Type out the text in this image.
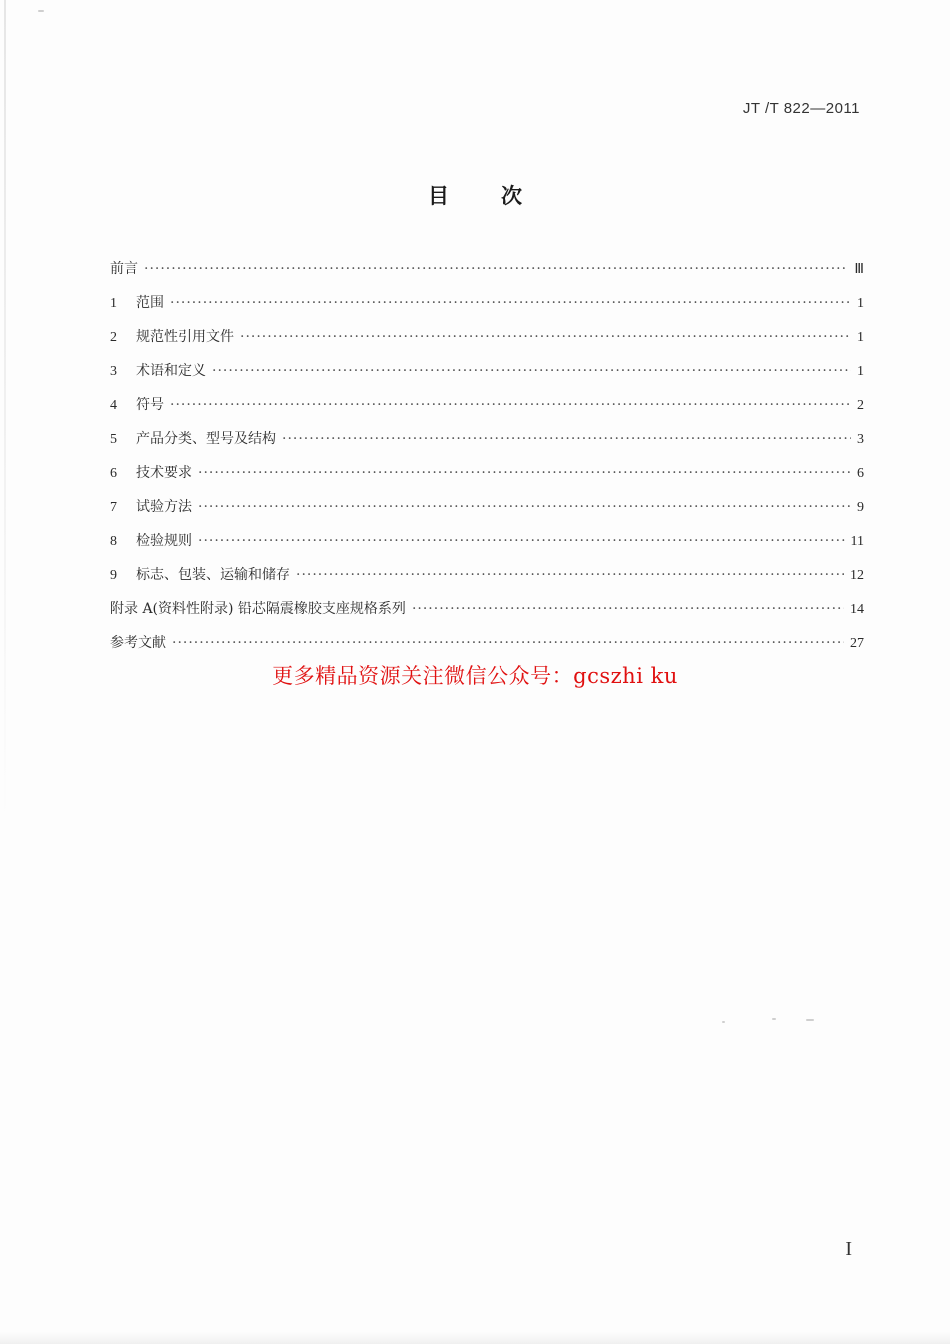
JT /T 822—2011
目 次
前言 ·····	Ⅲ
1	范围 ·····	1
2	规范性引用文件 ·····	1
3	术语和定义 ·····	1
4	符号 ·····	2
5	产品分类、型号及结构 ·····	3
6	技术要求 ·····	6
7	试验方法 ·····	9
8	检验规则 ·····	11
9	标志、包装、运输和储存 ·····	12
附录 A(资料性附录) 铅芯隔震橡胶支座规格系列 ·····	14
参考文献 ·····	27
更多精品资源关注微信公众号：gcszhi ku
I
